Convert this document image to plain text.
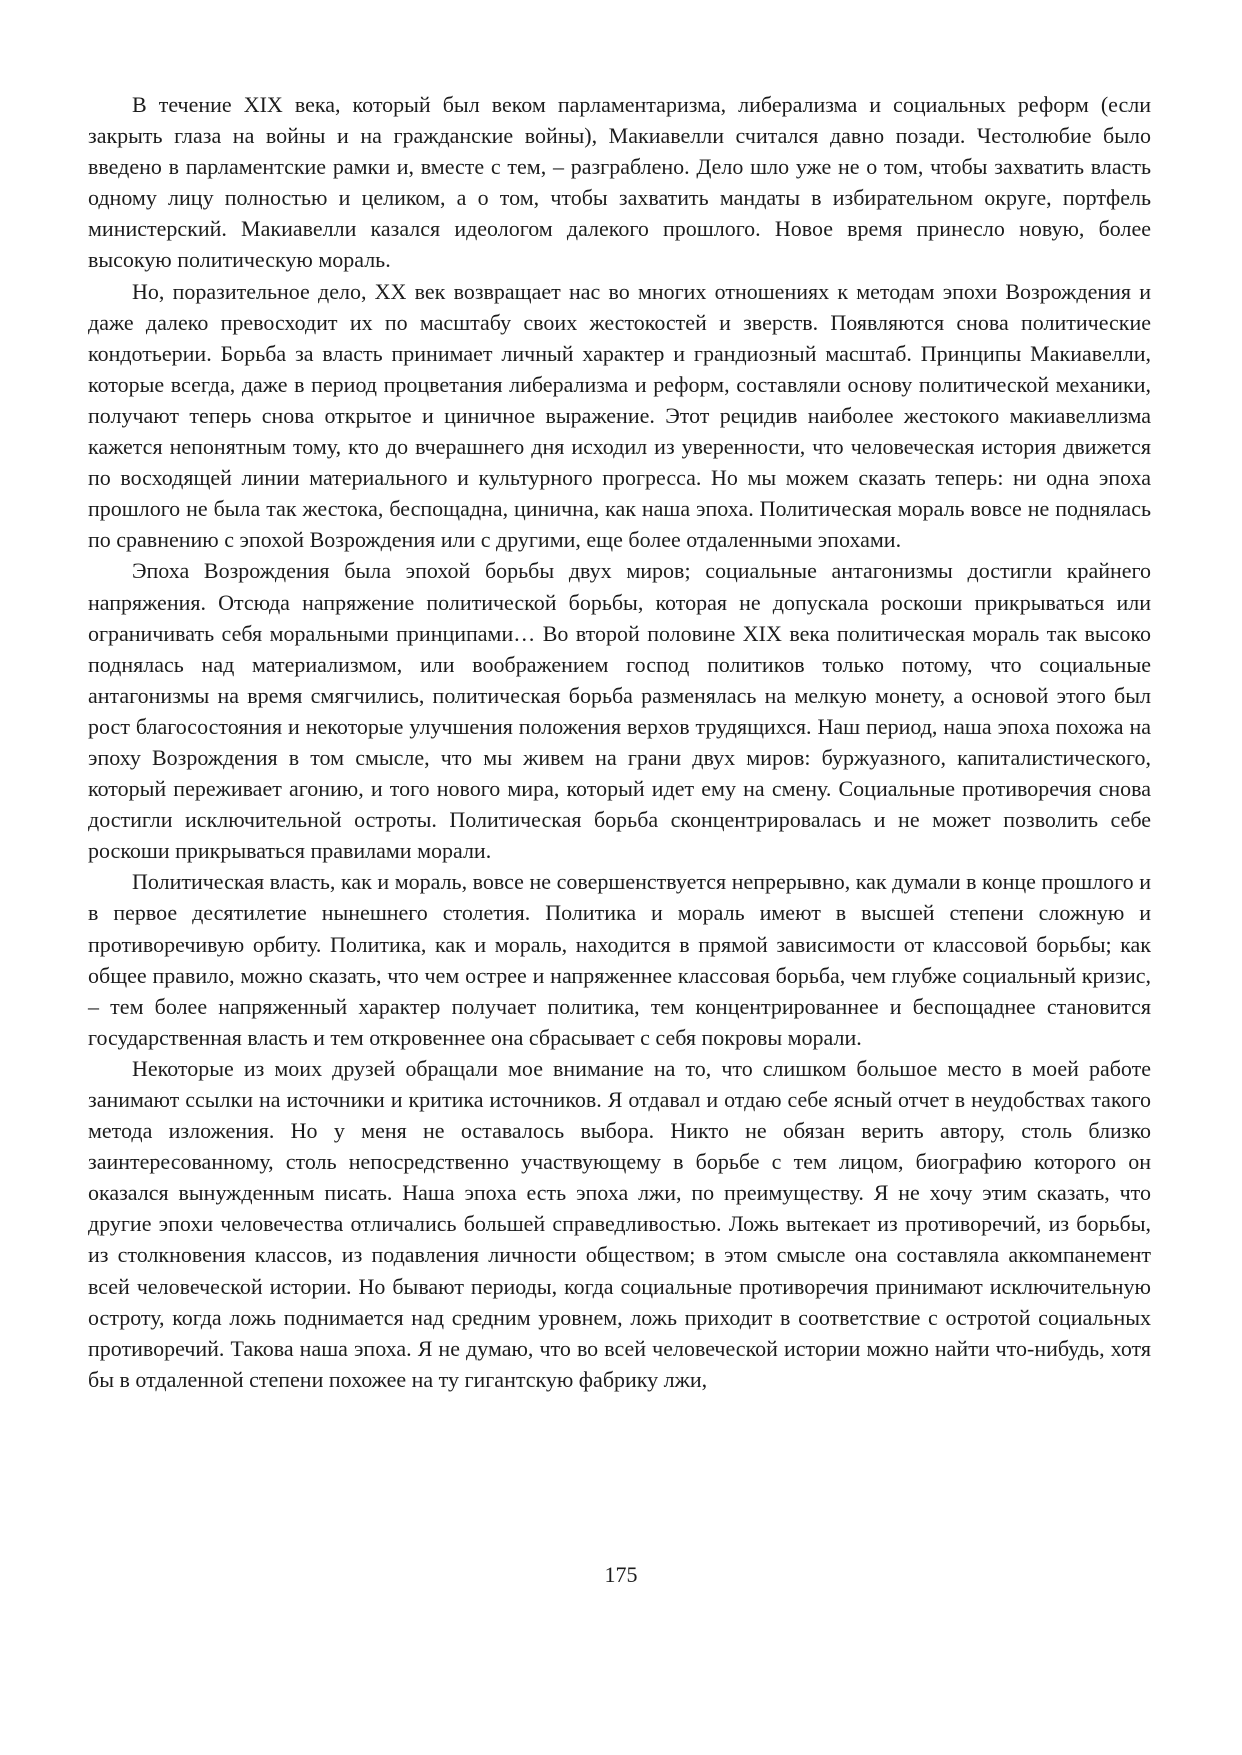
В течение XIX века, который был веком парламентаризма, либерализма и социальных реформ (если закрыть глаза на войны и на гражданские войны), Макиавелли считался давно позади. Честолюбие было введено в парламентские рамки и, вместе с тем, – разграблено. Дело шло уже не о том, чтобы захватить власть одному лицу полностью и целиком, а о том, чтобы захватить мандаты в избирательном округе, портфель министерский. Макиавелли казался идеологом далекого прошлого. Новое время принесло новую, более высокую политическую мораль.

Но, поразительное дело, XX век возвращает нас во многих отношениях к методам эпохи Возрождения и даже далеко превосходит их по масштабу своих жестокостей и зверств. Появляются снова политические кондотьерии. Борьба за власть принимает личный характер и грандиозный масштаб. Принципы Макиавелли, которые всегда, даже в период процветания либерализма и реформ, составляли основу политической механики, получают теперь снова открытое и циничное выражение. Этот рецидив наиболее жестокого макиавеллизма кажется непонятным тому, кто до вчерашнего дня исходил из уверенности, что человеческая история движется по восходящей линии материального и культурного прогресса. Но мы можем сказать теперь: ни одна эпоха прошлого не была так жестока, беспощадна, цинична, как наша эпоха. Политическая мораль вовсе не поднялась по сравнению с эпохой Возрождения или с другими, еще более отдаленными эпохами.

Эпоха Возрождения была эпохой борьбы двух миров; социальные антагонизмы достигли крайнего напряжения. Отсюда напряжение политической борьбы, которая не допускала роскоши прикрываться или ограничивать себя моральными принципами… Во второй половине XIX века политическая мораль так высоко поднялась над материализмом, или воображением господ политиков только потому, что социальные антагонизмы на время смягчились, политическая борьба разменялась на мелкую монету, а основой этого был рост благосостояния и некоторые улучшения положения верхов трудящихся. Наш период, наша эпоха похожа на эпоху Возрождения в том смысле, что мы живем на грани двух миров: буржуазного, капиталистического, который переживает агонию, и того нового мира, который идет ему на смену. Социальные противоречия снова достигли исключительной остроты. Политическая борьба сконцентрировалась и не может позволить себе роскоши прикрываться правилами морали.

Политическая власть, как и мораль, вовсе не совершенствуется непрерывно, как думали в конце прошлого и в первое десятилетие нынешнего столетия. Политика и мораль имеют в высшей степени сложную и противоречивую орбиту. Политика, как и мораль, находится в прямой зависимости от классовой борьбы; как общее правило, можно сказать, что чем острее и напряженнее классовая борьба, чем глубже социальный кризис, – тем более напряженный характер получает политика, тем концентрированнее и беспощаднее становится государственная власть и тем откровеннее она сбрасывает с себя покровы морали.

Некоторые из моих друзей обращали мое внимание на то, что слишком большое место в моей работе занимают ссылки на источники и критика источников. Я отдавал и отдаю себе ясный отчет в неудобствах такого метода изложения. Но у меня не оставалось выбора. Никто не обязан верить автору, столь близко заинтересованному, столь непосредственно участвующему в борьбе с тем лицом, биографию которого он оказался вынужденным писать. Наша эпоха есть эпоха лжи, по преимуществу. Я не хочу этим сказать, что другие эпохи человечества отличались большей справедливостью. Ложь вытекает из противоречий, из борьбы, из столкновения классов, из подавления личности обществом; в этом смысле она составляла аккомпанемент всей человеческой истории. Но бывают периоды, когда социальные противоречия принимают исключительную остроту, когда ложь поднимается над средним уровнем, ложь приходит в соответствие с остротой социальных противоречий. Такова наша эпоха. Я не думаю, что во всей человеческой истории можно найти что-нибудь, хотя бы в отдаленной степени похожее на ту гигантскую фабрику лжи,

175
